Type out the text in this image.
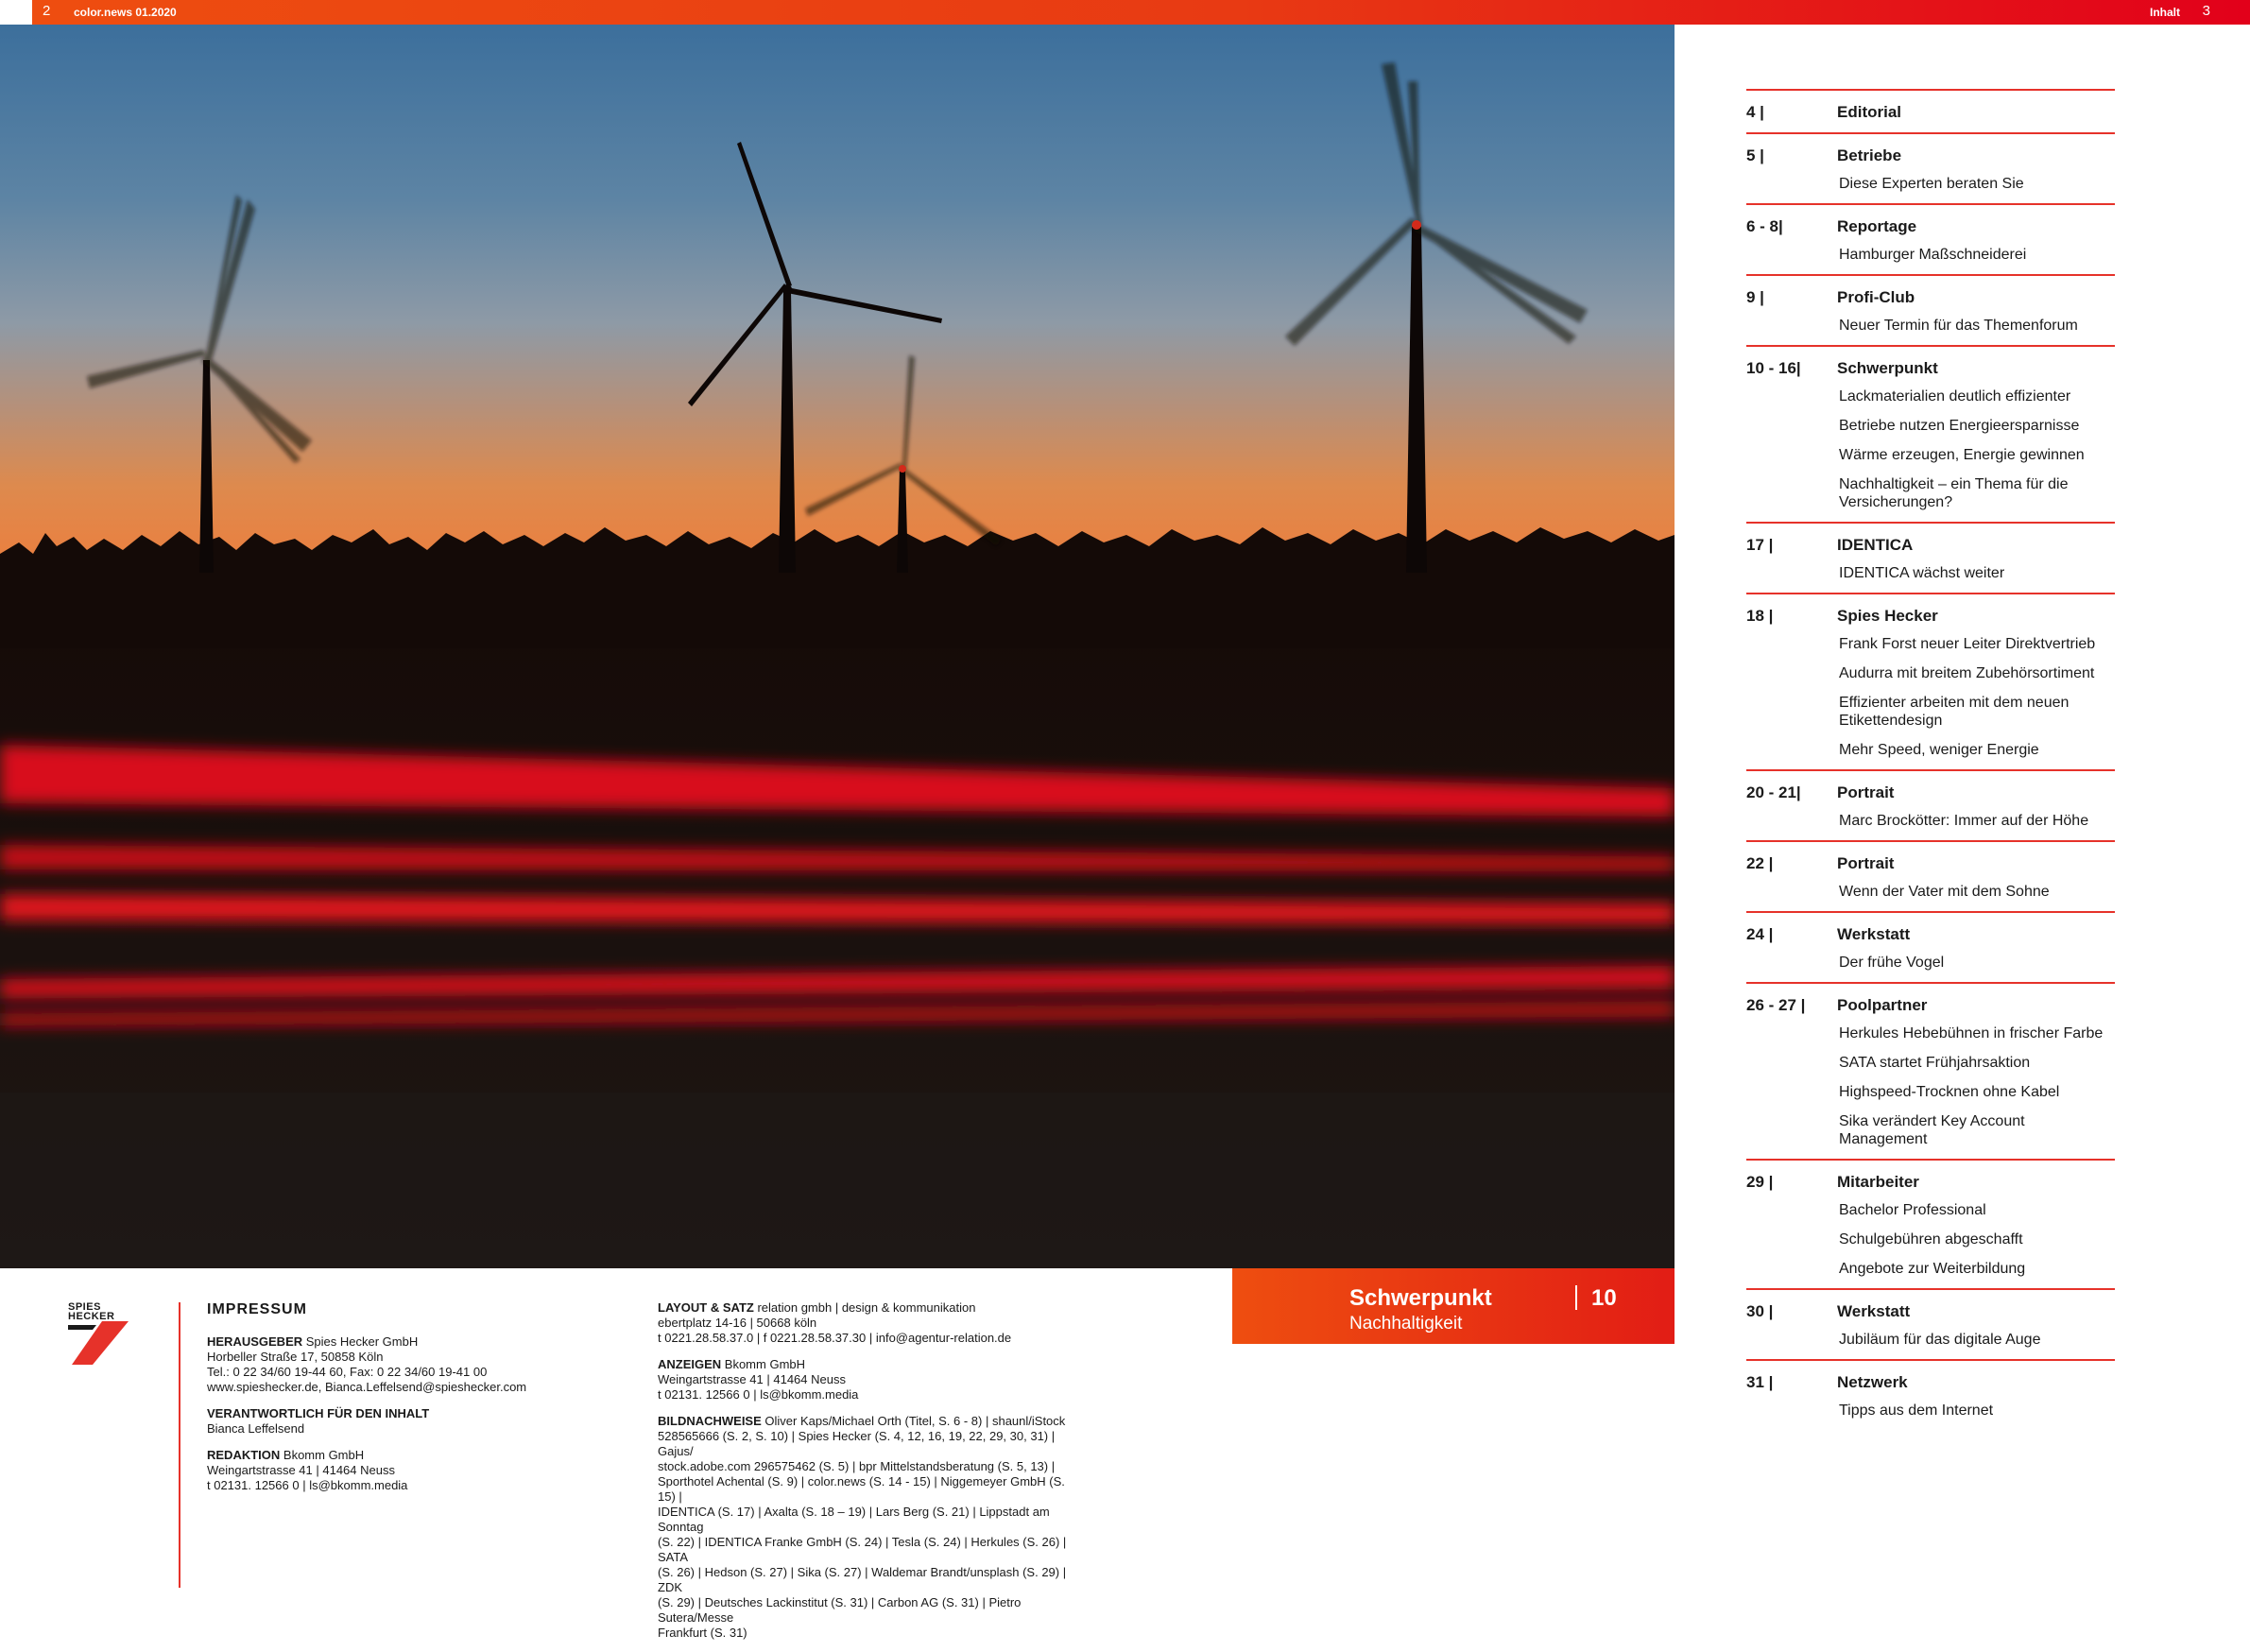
2 color.news 01.2020	Inhalt 3
4 |	Editorial
5 |	Betriebe
Diese Experten beraten Sie
6 - 8|	Reportage
Hamburger Maßschneiderei
9 |	Profi-Club
Neuer Termin für das Themenforum
10 - 16|	Schwerpunkt
Lackmaterialien deutlich effizienter
Betriebe nutzen Energieersparnisse
Wärme erzeugen, Energie gewinnen
Nachhaltigkeit – ein Thema für die Versicherungen?
17 |	IDENTICA
IDENTICA wächst weiter
18 |	Spies Hecker
Frank Forst neuer Leiter Direktvertrieb
Audurra mit breitem Zubehörsortiment
Effizienter arbeiten mit dem neuen Etikettendesign
Mehr Speed, weniger Energie
20 - 21|	Portrait
Marc Brockötter: Immer auf der Höhe
22 |	Portrait
Wenn der Vater mit dem Sohne
24 |	Werkstatt
Der frühe Vogel
26 - 27 |	Poolpartner
Herkules Hebebühnen in frischer Farbe
SATA startet Frühjahrsaktion
Highspeed-Trocknen ohne Kabel
Sika verändert Key Account Management
29 |	Mitarbeiter
Bachelor Professional
Schulgebühren abgeschafft
Angebote zur Weiterbildung
30 |	Werkstatt
Jubiläum für das digitale Auge
31 |	Netzwerk
Tipps aus dem Internet
SPIES
HECKER	IMPRESSUM
HERAUSGEBER Spies Hecker GmbH
Horbeller Straße 17, 50858 Köln
Tel.: 0 22 34/60 19-44 60, Fax: 0 22 34/60 19-41 00
www.spieshecker.de, Bianca.Leffelsend@spieshecker.com
VERANTWORTLICH FÜR DEN INHALT
Bianca Leffelsend
REDAKTION Bkomm GmbH
Weingartstrasse 41 | 41464 Neuss
t 02131. 12566 0 | ls@bkomm.media
LAYOUT & SATZ relation gmbh | design & kommunikation
ebertplatz 14-16 | 50668 köln
t 0221.28.58.37.0 | f 0221.28.58.37.30 | info@agentur-relation.de
ANZEIGEN Bkomm GmbH
Weingartstrasse 41 | 41464 Neuss
t 02131. 12566 0 | ls@bkomm.media
BILDNACHWEISE Oliver Kaps/Michael Orth (Titel, S. 6 - 8) | shaunl/iStock
528565666 (S. 2, S. 10) | Spies Hecker (S. 4, 12, 16, 19, 22, 29, 30, 31) | Gajus/
stock.adobe.com 296575462 (S. 5) | bpr Mittelstandsberatung (S. 5, 13) |
Sporthotel Achental (S. 9) | color.news (S. 14 - 15) | Niggemeyer GmbH (S. 15) |
IDENTICA (S. 17) | Axalta (S. 18 – 19) | Lars Berg (S. 21) | Lippstadt am Sonntag
(S. 22) | IDENTICA Franke GmbH (S. 24) | Tesla (S. 24) | Herkules (S. 26) | SATA
(S. 26) | Hedson (S. 27) | Sika (S. 27) | Waldemar Brandt/unsplash (S. 29) | ZDK
(S. 29) | Deutsches Lackinstitut (S. 31) | Carbon AG (S. 31) | Pietro Sutera/Messe
Frankfurt (S. 31)
Schwerpunkt
Nachhaltigkeit
10
